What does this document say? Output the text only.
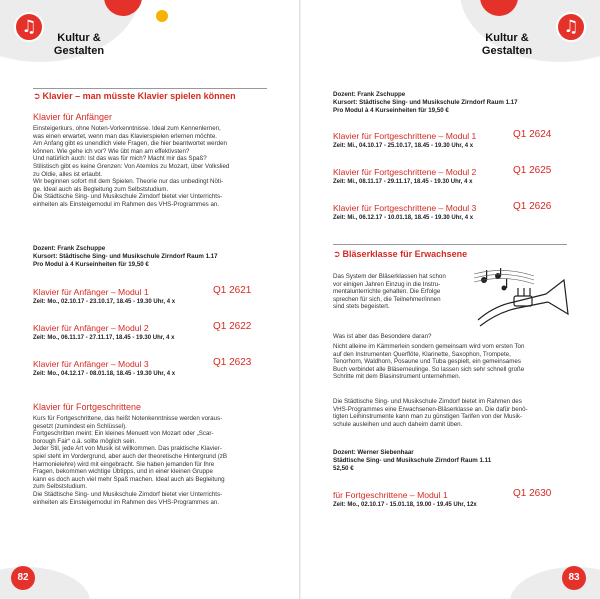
♫
Kultur &
Gestalten
➲ Klavier – man müsste Klavier spielen können
Klavier für Anfänger
Einsteigerkurs, ohne Noten-Vorkenntnisse. Ideal zum Kennenlernen,
was einen erwartet, wenn man das Klavierspielen erlernen möchte.
Am Anfang gibt es unendlich viele Fragen, die hier beantwortet werden
können. Wie gehe ich vor? Wie übt man am effektivsten?
Und natürlich auch: Ist das was für mich? Macht mir das Spaß?
Stilistisch gibt es keine Grenzen: Von Atemlos zu Mozart, über Volkslied
zu Oldie, alles ist erlaubt.
Wir beginnen sofort mit dem Spielen. Theorie nur das unbedingt Nöti-
ge. Ideal auch als Begleitung zum Selbststudium.
Die Städtische Sing- und Musikschule Zirndorf bietet vier Unterrichts-
einheiten als Einsteigemodul im Rahmen des VHS-Programmes an.
Dozent: Frank Zschuppe
Kursort: Städtische Sing- und Musikschule Zirndorf Raum 1.17
Pro Modul à 4 Kurseinheiten für 19,50 €
Klavier für Anfänger – Modul 1	Q1 2621
Zeit: Mo., 02.10.17 - 23.10.17, 18.45 - 19.30 Uhr, 4 x
Klavier für Anfänger – Modul 2	Q1 2622
Zeit: Mo., 06.11.17 - 27.11.17, 18.45 - 19.30 Uhr, 4 x
Klavier für Anfänger – Modul 3	Q1 2623
Zeit: Mo., 04.12.17 - 08.01.18, 18.45 - 19.30 Uhr, 4 x
Klavier für Fortgeschrittene
Kurs für Fortgeschrittene, das heißt Notenkenntnisse werden voraus-
gesetzt (zumindest ein Schlüssel).
Fortgeschritten meint: Ein kleines Menuett von Mozart oder „Scar-
borough Fair“ o.ä. sollte möglich sein.
Jeder Stil, jede Art von Musik ist willkommen. Das praktische Klavier-
spiel steht im Vordergrund, aber auch der theoretische Hintergrund (zB
Harmonielehre) wird mit eingebracht. Sie haben jemanden für Ihre
Fragen, bekommen wichtige Übtipps, und in einer kleinen Gruppe
kann es doch auch viel mehr Spaß machen. Ideal auch als Begleitung
zum Selbststudium.
Die Städtische Sing- und Musikschule Zirndorf bietet vier Unterrichts-
einheiten als Einsteigemodul im Rahmen des VHS-Programmes an.
82
♫
Kultur &
Gestalten
Dozent: Frank Zschuppe
Kursort: Städtische Sing- und Musikschule Zirndorf Raum 1.17
Pro Modul à 4 Kurseinheiten für 19,50 €
Klavier für Fortgeschrittene – Modul 1	Q1 2624
Zeit: Mi., 04.10.17 - 25.10.17, 18.45 - 19.30 Uhr, 4 x
Klavier für Fortgeschrittene – Modul 2	Q1 2625
Zeit: Mi., 08.11.17 - 29.11.17, 18.45 - 19.30 Uhr, 4 x
Klavier für Fortgeschrittene – Modul 3	Q1 2626
Zeit: Mi., 06.12.17 - 10.01.18, 18.45 - 19.30 Uhr, 4 x
➲ Bläserklasse für Erwachsene
Das System der Bläserklassen hat schon
vor einigen Jahren Einzug in die Instru-
mentalunterrichte gehalten. Die Erfolge
sprechen für sich, die Teilnehmer/innen
sind stets begeistert.
Was ist aber das Besondere daran?
Nicht alleine im Kämmerlein sondern gemeinsam wird vom ersten Ton
auf den Instrumenten Querflöte, Klarinette, Saxophon, Trompete,
Tenorhorn, Waldhorn, Posaune und Tuba gespielt, ein gemeinsames
Buch verbindet alle Bläserneulinge. So lassen sich sehr schnell große
Schritte mit dem Blasinstrument unternehmen.
Die Städtische Sing- und Musikschule Zirndorf bietet im Rahmen des
VHS-Programmes eine Erwachsenen-Bläserklasse an. Die dafür benö-
tigten Leihinstrumente kann man zu günstigen Tarifen von der Musik-
schule ausleihen und auch daheim damit üben.
Dozent: Werner Siebenhaar
Städtische Sing- und Musikschule Zirndorf Raum 1.11
52,50 €
für Fortgeschrittene – Modul 1	Q1 2630
Zeit: Mo., 02.10.17 - 15.01.18, 19.00 - 19.45 Uhr, 12x
83
